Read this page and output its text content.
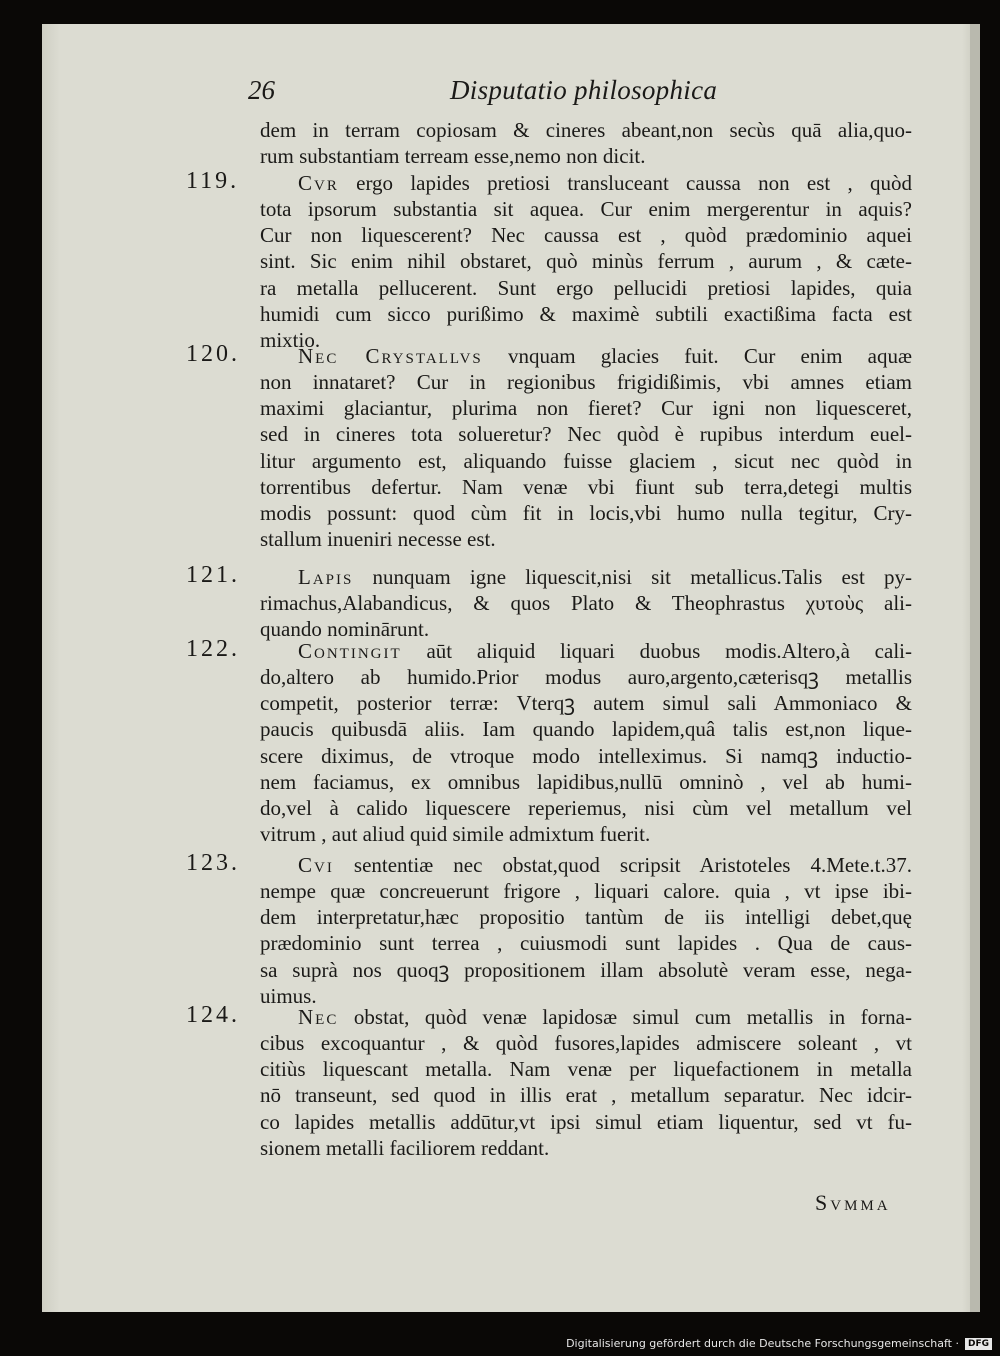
26	Disputatio philosophica
dem in terram copiosam & cineres abeant,non secùs quā alia,quo-
rum substantiam terream esse,nemo non dicit.
119.	Cvr ergo lapides pretiosi transluceant caussa non est , quòd
tota ipsorum substantia sit aquea. Cur enim mergerentur in aquis?
Cur non liquescerent? Nec caussa est , quòd prædominio aquei
sint. Sic enim nihil obstaret, quò minùs ferrum , aurum , & cæte-
ra metalla pellucerent. Sunt ergo pellucidi pretiosi lapides, quia
humidi cum sicco purißimo & maximè subtili exactißima facta est
mixtio.
120.	Nec Crystallvs vnquam glacies fuit. Cur enim aquæ
non innataret? Cur in regionibus frigidißimis, vbi amnes etiam
maximi glaciantur, plurima non fieret? Cur igni non liquesceret,
sed in cineres tota solueretur? Nec quòd è rupibus interdum euel-
litur argumento est, aliquando fuisse glaciem , sicut nec quòd in
torrentibus defertur. Nam venæ vbi fiunt sub terra,detegi multis
modis possunt: quod cùm fit in locis,vbi humo nulla tegitur, Cry-
stallum inueniri necesse est.
121.	Lapis nunquam igne liquescit,nisi sit metallicus.Talis est py-
rimachus,Alabandicus, & quos Plato & Theophrastus χυτοὺς ali-
quando nominārunt.
122.	Contingit aūt aliquid liquari duobus modis.Altero,à cali-
do,altero ab humido.Prior modus auro,argento,cæterisqꝫ metallis
competit, posterior terræ: Vterqꝫ autem simul sali Ammoniaco &
paucis quibusdā aliis. Iam quando lapidem,quâ talis est,non lique-
scere diximus, de vtroque modo intelleximus. Si namqꝫ inductio-
nem faciamus, ex omnibus lapidibus,nullū omninò , vel ab humi-
do,vel à calido liquescere reperiemus, nisi cùm vel metallum vel
vitrum , aut aliud quid simile admixtum fuerit.
123.	Cvi sententiæ nec obstat,quod scripsit Aristoteles 4.Mete.t.37.
nempe quæ concreuerunt frigore , liquari calore. quia , vt ipse ibi-
dem interpretatur,hæc propositio tantùm de iis intelligi debet,quę
prædominio sunt terrea , cuiusmodi sunt lapides . Qua de caus-
sa suprà nos quoqꝫ propositionem illam absolutè veram esse, nega-
uimus.
124.	Nec obstat, quòd venæ lapidosæ simul cum metallis in forna-
cibus excoquantur , & quòd fusores,lapides admiscere soleant , vt
citiùs liquescant metalla. Nam venæ per liquefactionem in metalla
nō transeunt, sed quod in illis erat , metallum separatur. Nec idcir-
co lapides metallis addūtur,vt ipsi simul etiam liquentur, sed vt fu-
sionem metalli faciliorem reddant.
Svmma
Digitalisierung gefördert durch die Deutsche Forschungsgemeinschaft ·	DFG
